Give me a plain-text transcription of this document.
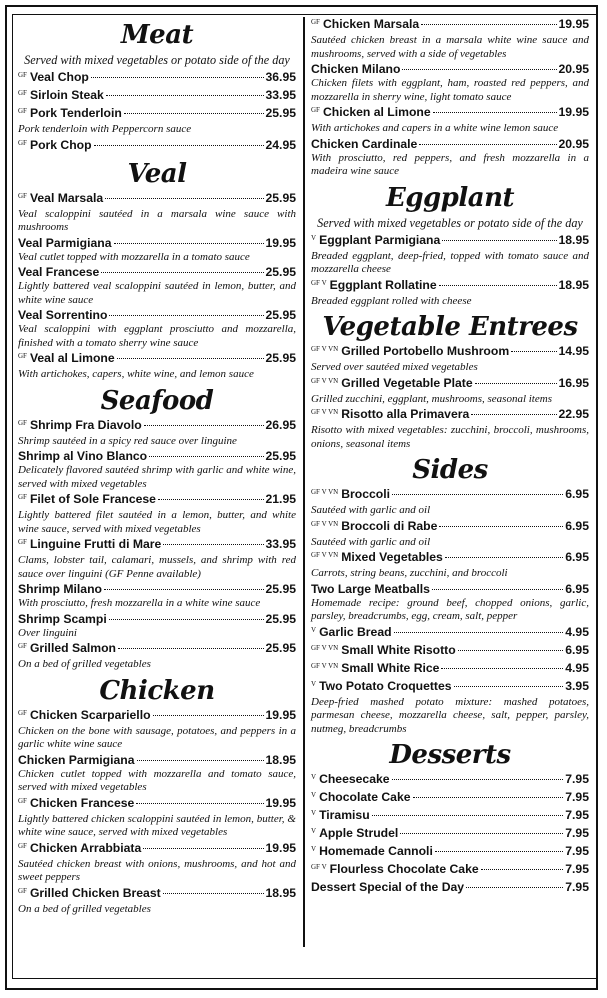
Meat
Served with mixed vegetables or potato side of the day
GF Veal Chop	36.95
GF Sirloin Steak	33.95
GF Pork Tenderloin	25.95
Pork tenderloin with Peppercorn sauce
GF Pork Chop	24.95
Veal
GF Veal Marsala	25.95
Veal scaloppini sautéed in a marsala wine sauce with mushrooms
Veal Parmigiana	19.95
Veal cutlet topped with mozzarella in a tomato sauce
Veal Francese	25.95
Lightly battered veal scaloppini sautéed in lemon, butter, and white wine sauce
Veal Sorrentino	25.95
Veal scaloppini with eggplant prosciutto and mozzarella, finished with a tomato sherry wine sauce
GF Veal al Limone	25.95
With artichokes, capers, white wine, and lemon sauce
Seafood
GF Shrimp Fra Diavolo	26.95
Shrimp sautéed in a spicy red sauce over linguine
Shrimp al Vino Blanco	25.95
Delicately flavored sautéed shrimp with garlic and white wine, served with mixed vegetables
GF Filet of Sole Francese	21.95
Lightly battered filet sautéed in a lemon, butter, and white wine sauce, served with mixed vegetables
GF Linguine Frutti di Mare	33.95
Clams, lobster tail, calamari, mussels, and shrimp with red sauce over linguini (GF Penne available)
Shrimp Milano	25.95
With prosciutto, fresh mozzarella in a white wine sauce
Shrimp Scampi	25.95
Over linguini
GF Grilled Salmon	25.95
On a bed of grilled vegetables
Chicken
GF Chicken Scarpariello	19.95
Chicken on the bone with sausage, potatoes, and peppers in a garlic white wine sauce
Chicken Parmigiana	18.95
Chicken cutlet topped with mozzarella and tomato sauce, served with mixed vegetables
GF Chicken Francese	19.95
Lightly battered chicken scaloppini sautéed in lemon, butter, & white wine sauce, served with mixed vegetables
GF Chicken Arrabbiata	19.95
Sautéed chicken breast with onions, mushrooms, and hot and sweet peppers
GF Grilled Chicken Breast	18.95
On a bed of grilled vegetables
GF Chicken Marsala	19.95
Sautéed chicken breast in a marsala white wine sauce and mushrooms, served with a side of vegetables
Chicken Milano	20.95
Chicken filets with eggplant, ham, roasted red peppers, and mozzarella in sherry wine, light tomato sauce
GF Chicken al Limone	19.95
With artichokes and capers in a white wine lemon sauce
Chicken Cardinale	20.95
With prosciutto, red peppers, and fresh mozzarella in a madeira wine sauce
Eggplant
Served with mixed vegetables or potato side of the day
V Eggplant Parmigiana	18.95
Breaded eggplant, deep-fried, topped with tomato sauce and mozzarella cheese
GF V Eggplant Rollatine	18.95
Breaded eggplant rolled with cheese
Vegetable Entrees
GF V VN Grilled Portobello Mushroom	14.95
Served over sautéed mixed vegetables
GF V VN Grilled Vegetable Plate	16.95
Grilled zucchini, eggplant, mushrooms, seasonal items
GF V VN Risotto alla Primavera	22.95
Risotto with mixed vegetables: zucchini, broccoli, mushrooms, onions, seasonal items
Sides
GF V VN Broccoli	6.95
Sautéed with garlic and oil
GF V VN Broccoli di Rabe	6.95
Sautéed with garlic and oil
GF V VN Mixed Vegetables	6.95
Carrots, string beans, zucchini, and broccoli
Two Large Meatballs	6.95
Homemade recipe: ground beef, chopped onions, garlic, parsley, breadcrumbs, egg, cream, salt, pepper
V Garlic Bread	4.95
GF V VN Small White Risotto	6.95
GF V VN Small White Rice	4.95
V Two Potato Croquettes	3.95
Deep-fried mashed potato mixture: mashed potatoes, parmesan cheese, mozzarella cheese, salt, pepper, parsley, nutmeg, breadcrumbs
Desserts
V Cheesecake	7.95
V Chocolate Cake	7.95
V Tiramisu	7.95
V Apple Strudel	7.95
V Homemade Cannoli	7.95
GF V Flourless Chocolate Cake	7.95
Dessert Special of the Day	7.95
